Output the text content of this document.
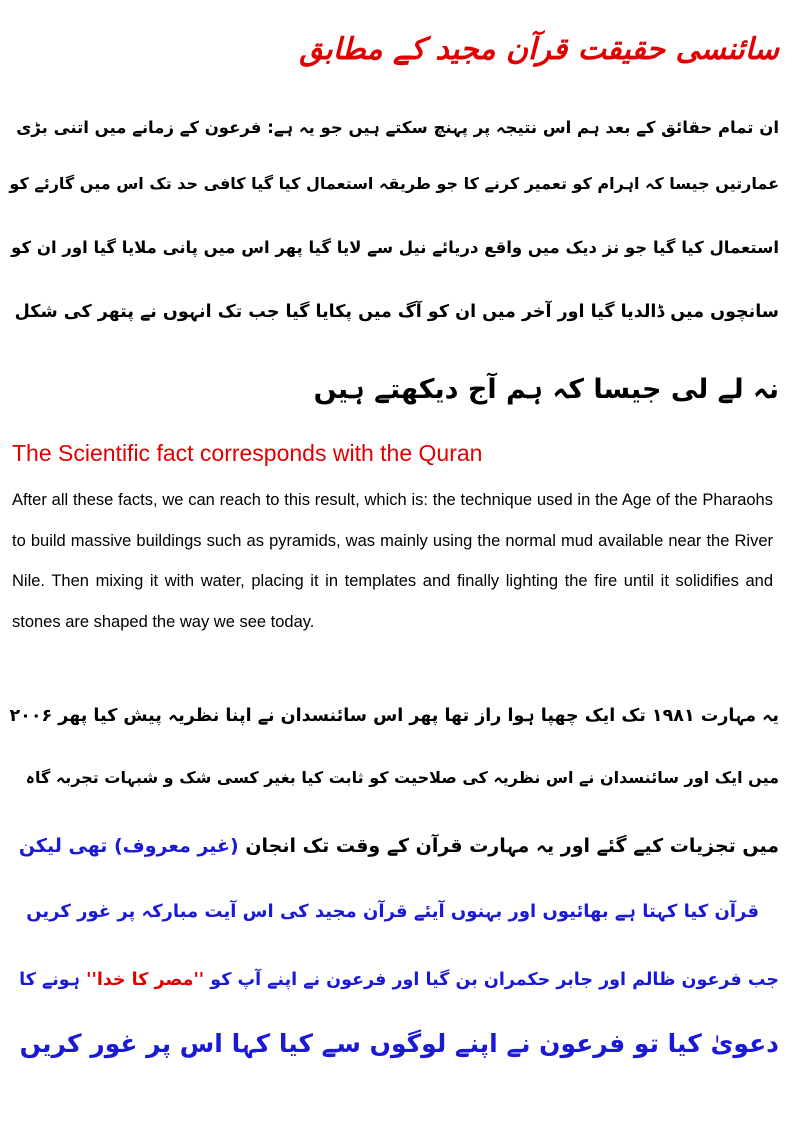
سائنسی حقیقت قرآن مجید کے مطابق

ان تمام حقائق کے بعد ہم اس نتیجہ پر پہنچ سکتے ہیں جو یہ ہے: فرعون کے زمانے میں اتنی بڑی

عمارتیں جیسا کہ اہرام کو تعمیر کرنے کا جو طریقہ استعمال کیا گیا کافی حد تک اس میں گارئے کو

استعمال کیا گیا جو نز دیک میں واقع دریائے نیل سے لایا گیا پھر اس میں پانی ملایا گیا اور ان کو

سانچوں میں ڈالدیا گیا اور آخر میں ان کو آگ میں پکایا گیا جب تک انہوں نے پتھر کی شکل

نہ لے لی جیسا کہ ہم آج دیکھتے ہیں

The Scientific fact corresponds with the Quran

After all these facts, we can reach to this result, which is: the technique used in the Age of the Pharaohs to build massive buildings such as pyramids, was mainly using the normal mud available near the River Nile. Then mixing it with water, placing it in templates and finally lighting the fire until it solidifies and stones are shaped the way we see today.

یہ مہارت ۱۹۸۱ تک ایک چھپا ہوا راز تھا پھر اس سائنسدان نے اپنا نظریہ پیش کیا پھر ۲۰۰۶

میں ایک اور سائنسدان نے اس نظریہ کی صلاحیت کو ثابت کیا بغیر کسی شک و شبہات تجربہ گاہ

میں تجزیات کیے گئے اور یہ مہارت قرآن کے وقت تک انجان (غیر معروف) تھی لیکن

قرآن کیا کہتا ہے بھائیوں اور بہنوں آیئے قرآن مجید کی اس آیت مبارکہ پر غور کریں

جب فرعون ظالم اور جابر حکمران بن گیا اور فرعون نے اپنے آپ کو ''مصر کا خدا'' ہونے کا

دعویٰ کیا تو فرعون نے اپنے لوگوں سے کیا کہا اس پر غور کریں
